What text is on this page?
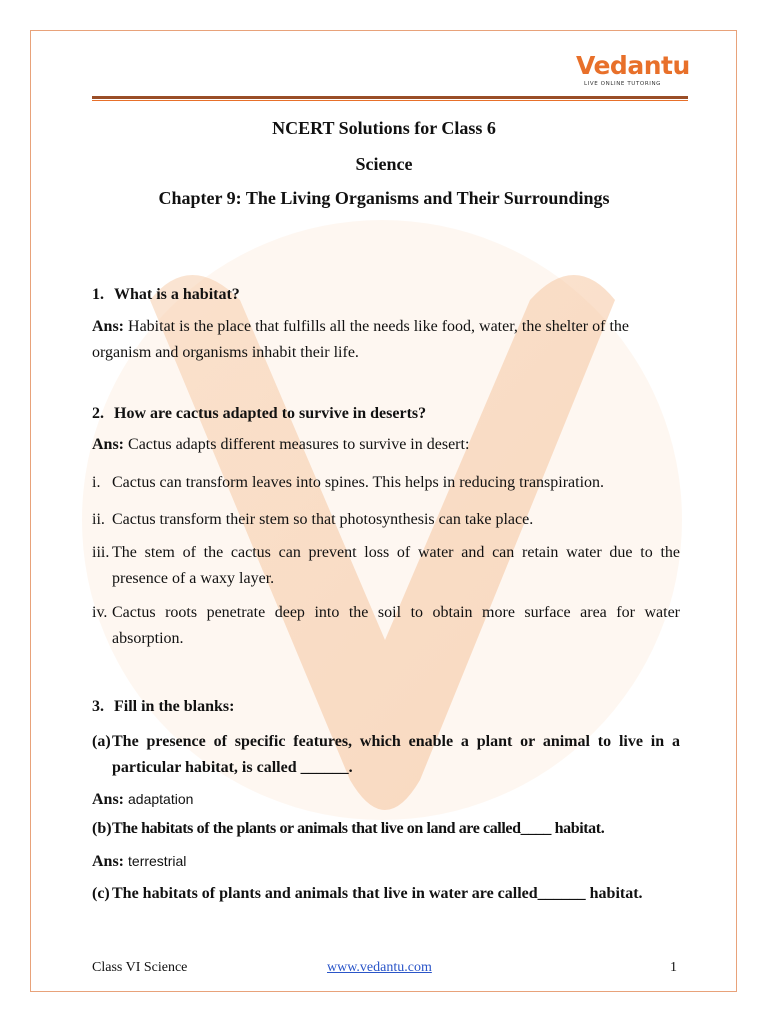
Vedantu
LIVE ONLINE TUTORING
NCERT Solutions for Class 6
Science
Chapter 9: The Living Organisms and Their Surroundings
1. What is a habitat?
Ans: Habitat is the place that fulfills all the needs like food, water, the shelter of the organism and organisms inhabit their life.
2. How are cactus adapted to survive in deserts?
Ans: Cactus adapts different measures to survive in desert:
i. Cactus can transform leaves into spines. This helps in reducing transpiration.
ii. Cactus transform their stem so that photosynthesis can take place.
iii. The stem of the cactus can prevent loss of water and can retain water due to the presence of a waxy layer.
iv. Cactus roots penetrate deep into the soil to obtain more surface area for water absorption.
3. Fill in the blanks:
(a) The presence of specific features, which enable a plant or animal to live in a particular habitat, is called ______.
Ans: adaptation
(b) The habitats of the plants or animals that live on land are called____ habitat.
Ans: terrestrial
(c) The habitats of plants and animals that live in water are called______ habitat.
Class VI Science	www.vedantu.com	1
